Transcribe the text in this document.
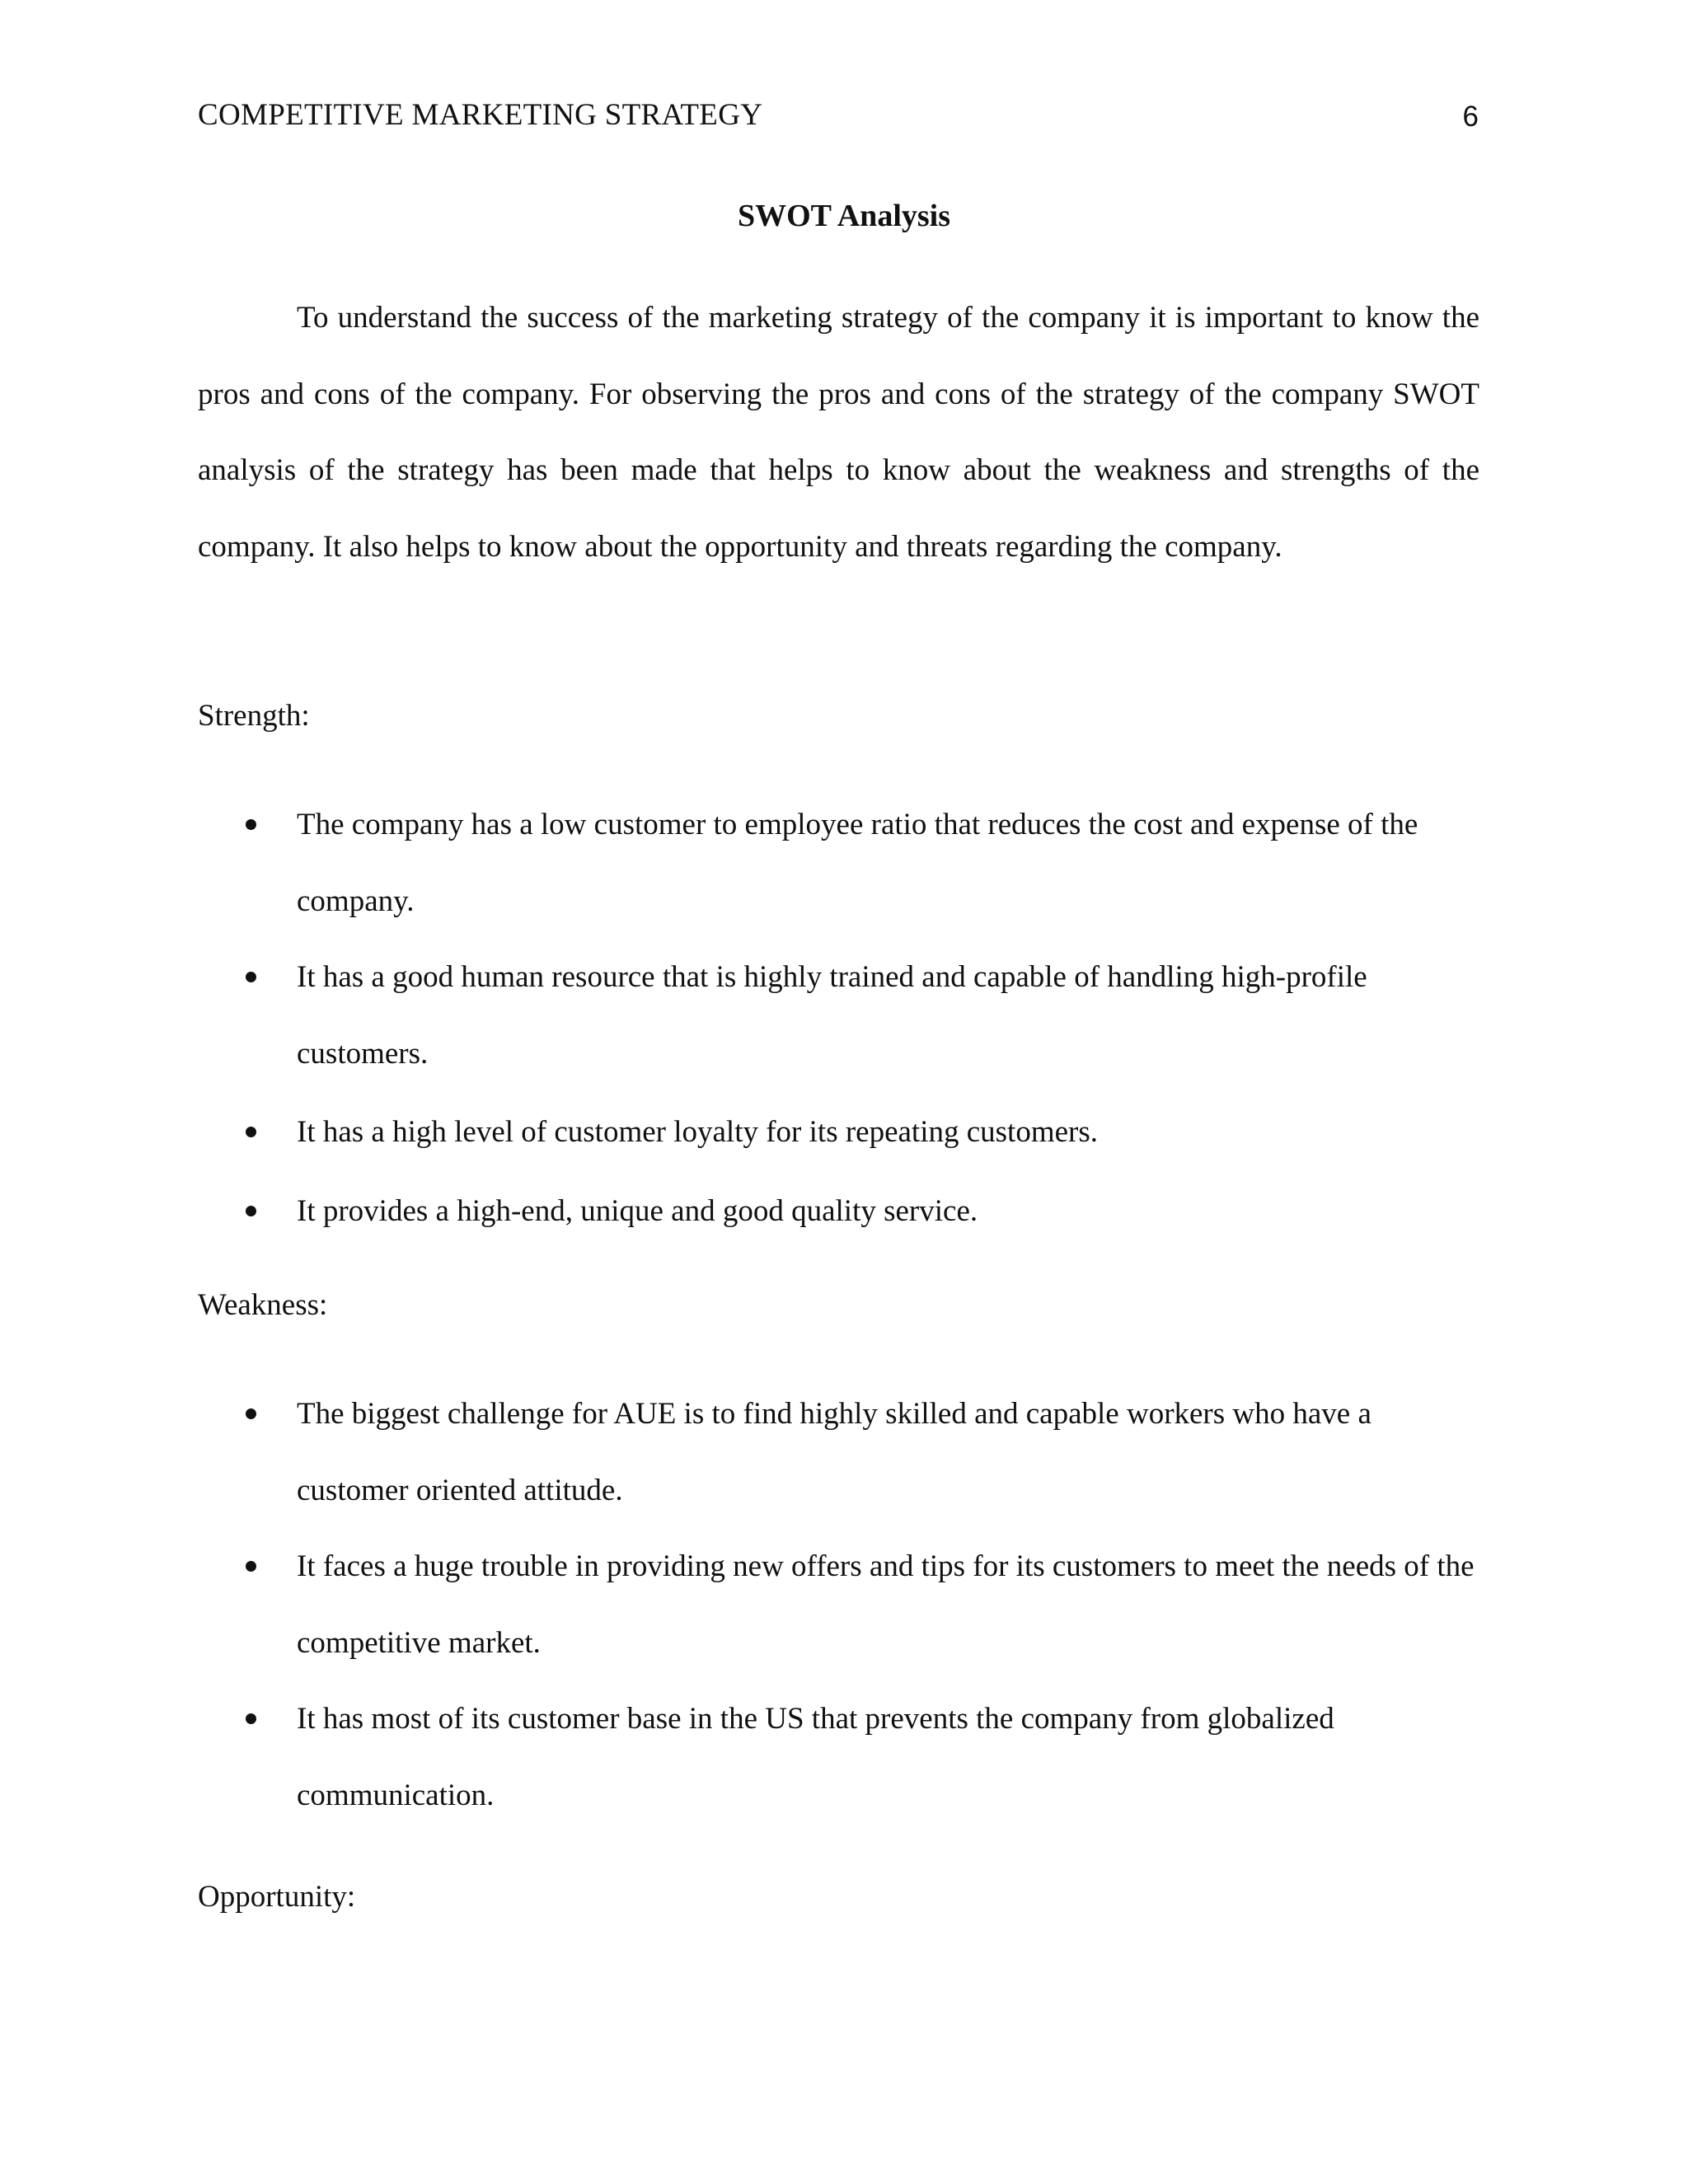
COMPETITIVE MARKETING STRATEGY	6
SWOT Analysis

To understand the success of the marketing strategy of the company it is important to know the pros and cons of the company. For observing the pros and cons of the strategy of the company SWOT analysis of the strategy has been made that helps to know about the weakness and strengths of the company. It also helps to know about the opportunity and threats regarding the company.

Strength:
The company has a low customer to employee ratio that reduces the cost and expense of the company.
It has a good human resource that is highly trained and capable of handling high-profile customers.
It has a high level of customer loyalty for its repeating customers.
It provides a high-end, unique and good quality service.
Weakness:
The biggest challenge for AUE is to find highly skilled and capable workers who have a customer oriented attitude.
It faces a huge trouble in providing new offers and tips for its customers to meet the needs of the competitive market.
It has most of its customer base in the US that prevents the company from globalized communication.
Opportunity:
